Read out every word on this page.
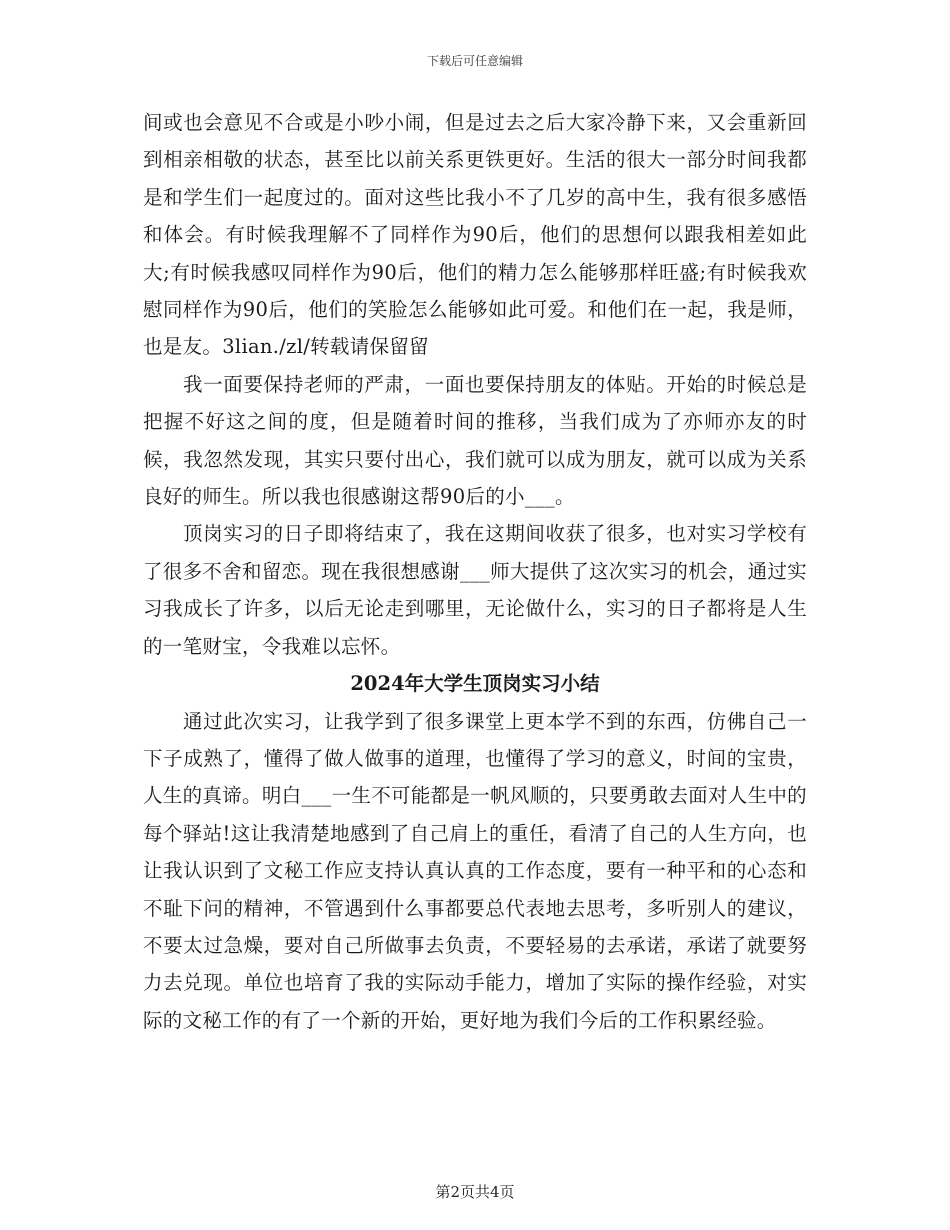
下载后可任意编辑

间或也会意见不合或是小吵小闹，但是过去之后大家冷静下来，又会重新回到相亲相敬的状态，甚至比以前关系更铁更好。生活的很大一部分时间我都是和学生们一起度过的。面对这些比我小不了几岁的高中生，我有很多感悟和体会。有时候我理解不了同样作为90后，他们的思想何以跟我相差如此大;有时候我感叹同样作为90后，他们的精力怎么能够那样旺盛;有时候我欢慰同样作为90后，他们的笑脸怎么能够如此可爱。和他们在一起，我是师，也是友。3lian./zl/转载请保留留

我一面要保持老师的严肃，一面也要保持朋友的体贴。开始的时候总是把握不好这之间的度，但是随着时间的推移，当我们成为了亦师亦友的时候，我忽然发现，其实只要付出心，我们就可以成为朋友，就可以成为关系良好的师生。所以我也很感谢这帮90后的小___。

顶岗实习的日子即将结束了，我在这期间收获了很多，也对实习学校有了很多不舍和留恋。现在我很想感谢___师大提供了这次实习的机会，通过实习我成长了许多，以后无论走到哪里，无论做什么，实习的日子都将是人生的一笔财宝，令我难以忘怀。

2024年大学生顶岗实习小结

通过此次实习，让我学到了很多课堂上更本学不到的东西，仿佛自己一下子成熟了，懂得了做人做事的道理，也懂得了学习的意义，时间的宝贵，人生的真谛。明白___一生不可能都是一帆风顺的，只要勇敢去面对人生中的每个驿站!这让我清楚地感到了自己肩上的重任，看清了自己的人生方向，也让我认识到了文秘工作应支持认真认真的工作态度，要有一种平和的心态和不耻下问的精神，不管遇到什么事都要总代表地去思考，多听别人的建议，不要太过急燥，要对自己所做事去负责，不要轻易的去承诺，承诺了就要努力去兑现。单位也培育了我的实际动手能力，增加了实际的操作经验，对实际的文秘工作的有了一个新的开始，更好地为我们今后的工作积累经验。

第2页共4页
